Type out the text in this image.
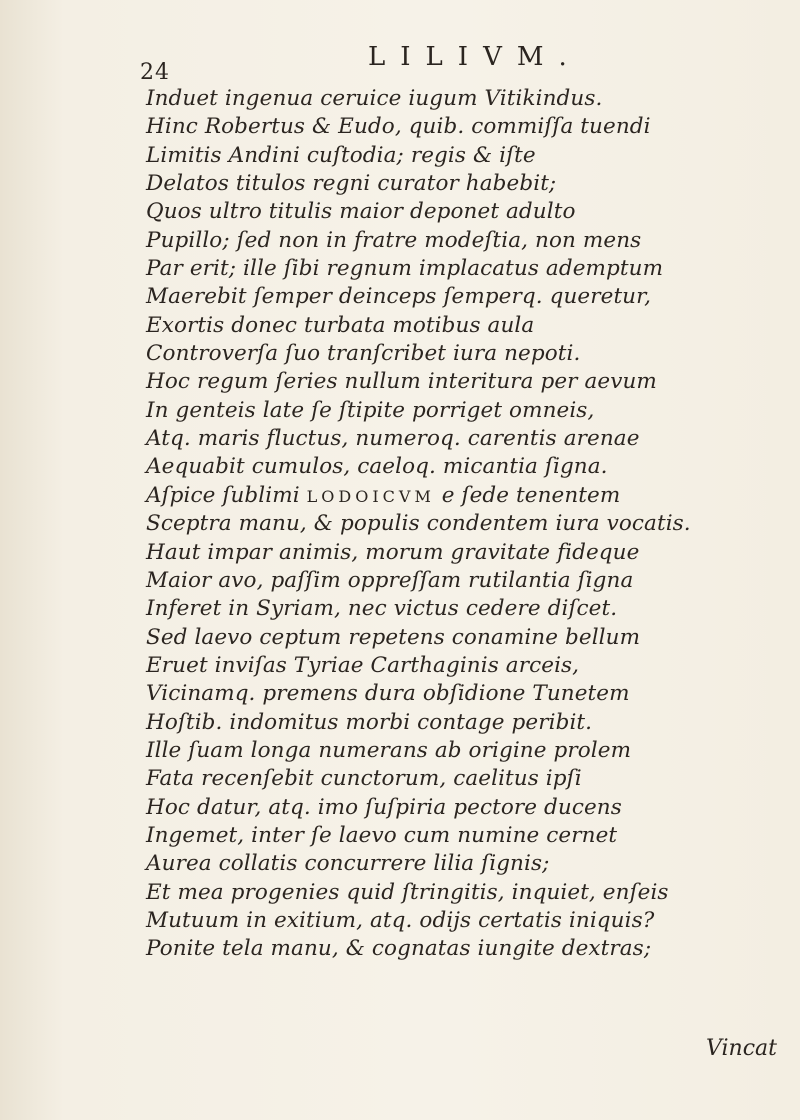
24
LILIVM.
Induet ingenua ceruice iugum Vitikindus.
Hinc Robertus & Eudo, quib. commiſſa tuendi
Limitis Andini cuſtodia; regis & iſte
Delatos titulos regni curator habebit;
Quos ultro titulis maior deponet adulto
Pupillo; ſed non in fratre modeſtia, non mens
Par erit; ille ſibi regnum implacatus ademptum
Maerebit ſemper deinceps ſemperq. queretur,
Exortis donec turbata motibus aula
Controverſa ſuo tranſcribet iura nepoti.
Hoc regum ſeries nullum interitura per aevum
In genteis late ſe ſtipite porriget omneis,
Atq. maris fluctus, numeroq. carentis arenae
Aequabit cumulos, caeloq. micantia ſigna.
Aſpice ſublimi LODOICVM e ſede tenentem
Sceptra manu, & populis condentem iura vocatis.
Haut impar animis, morum gravitate fideque
Maior avo, paſſim oppreſſam rutilantia ſigna
Inferet in Syriam, nec victus cedere diſcet.
Sed laevo ceptum repetens conamine bellum
Eruet inviſas Tyriae Carthaginis arceis,
Vicinamq. premens dura obſidione Tunetem
Hoſtib. indomitus morbi contage peribit.
Ille ſuam longa numerans ab origine prolem
Fata recenſebit cunctorum, caelitus ipſi
Hoc datur, atq. imo ſuſpiria pectore ducens
Ingemet, inter ſe laevo cum numine cernet
Aurea collatis concurrere lilia ſignis;
Et mea progenies quid ſtringitis, inquiet, enſeis
Mutuum in exitium, atq. odijs certatis iniquis?
Ponite tela manu, & cognatas iungite dextras;
Vincat
